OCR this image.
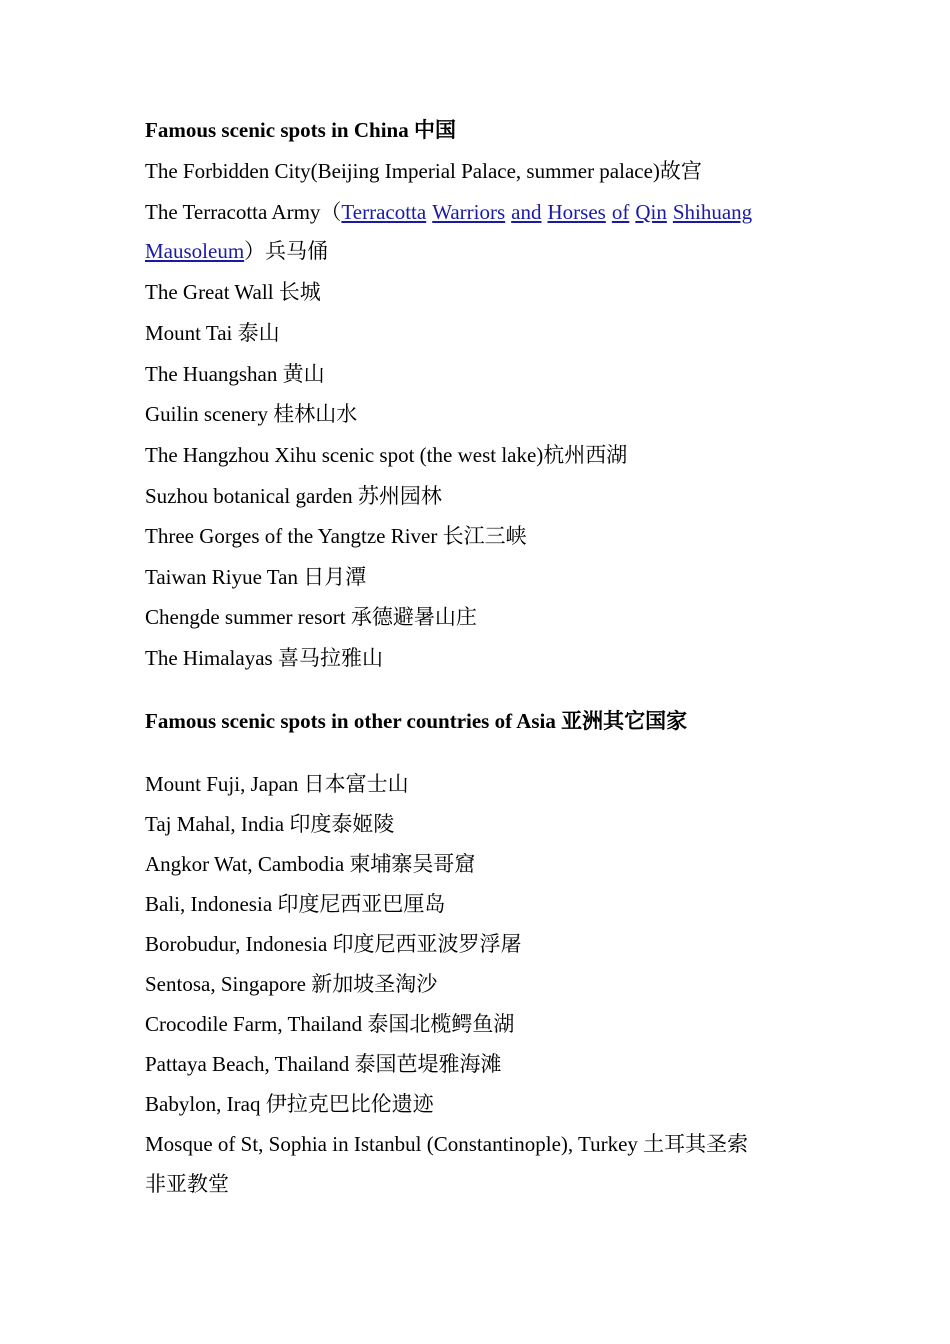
Famous scenic spots in China 中国
The Forbidden City(Beijing Imperial Palace, summer palace)故宫
The Terracotta Army（Terracotta Warriors and Horses of Qin Shihuang
Mausoleum）兵马俑
The Great Wall 长城
Mount Tai 泰山
The Huangshan 黄山
Guilin scenery 桂林山水
The Hangzhou Xihu scenic spot (the west lake)杭州西湖
Suzhou botanical garden 苏州园林
Three Gorges of the Yangtze River 长江三峡
Taiwan Riyue Tan 日月潭
Chengde summer resort 承德避暑山庄
The Himalayas 喜马拉雅山
Famous scenic spots in other countries of Asia 亚洲其它国家
Mount Fuji, Japan 日本富士山
Taj Mahal, India 印度泰姬陵
Angkor Wat, Cambodia 柬埔寨吴哥窟
Bali, Indonesia 印度尼西亚巴厘岛
Borobudur, Indonesia 印度尼西亚波罗浮屠
Sentosa, Singapore 新加坡圣淘沙
Crocodile Farm, Thailand 泰国北榄鳄鱼湖
Pattaya Beach, Thailand 泰国芭堤雅海滩
Babylon, Iraq 伊拉克巴比伦遗迹
Mosque of St, Sophia in Istanbul (Constantinople), Turkey 土耳其圣索
非亚教堂
